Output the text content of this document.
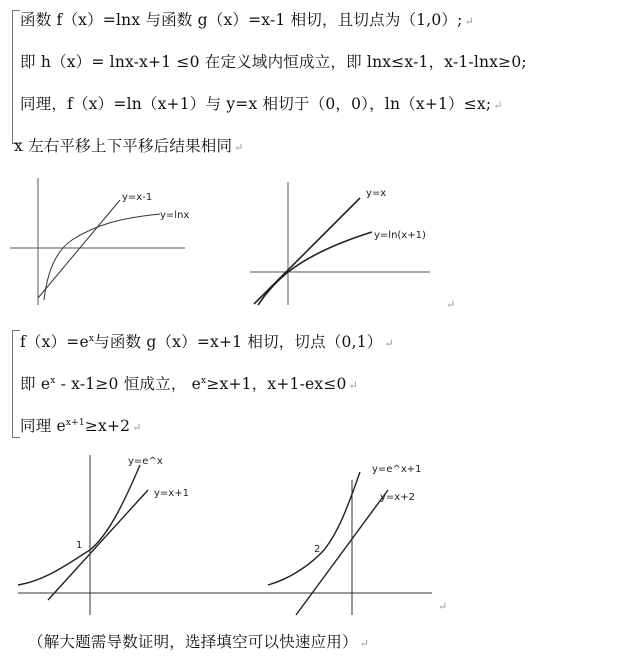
函数 f（x）=lnx 与函数 g（x）=x-1 相切，且切点为（1,0）; ↵
即 h（x）= lnx-x+1 ≤0 在定义域内恒成立，即 lnx≤x-1，x-1-lnx≥0;
同理，f（x）=ln（x+1）与 y=x 相切于（0，0），ln（x+1）≤x; ↵
x 左右平移上下平移后结果相同 ↵
y=x-1
y=lnx
y=x
y=ln(x+1)
↵
$f(x)=e^x$与函数 g（x）=x+1 相切，切点（0,1） ↵
即 $e^x - x-1\ge 0$ 恒成立， $e^x\ge x+1$，x+1-ex≤0 ↵
同理 $e^{x+1}\ge x+2$ ↵
y=e^x
y=x+1
1
y=e^x+1
y=x+2
2
↵
（解大题需导数证明，选择填空可以快速应用） ↵
